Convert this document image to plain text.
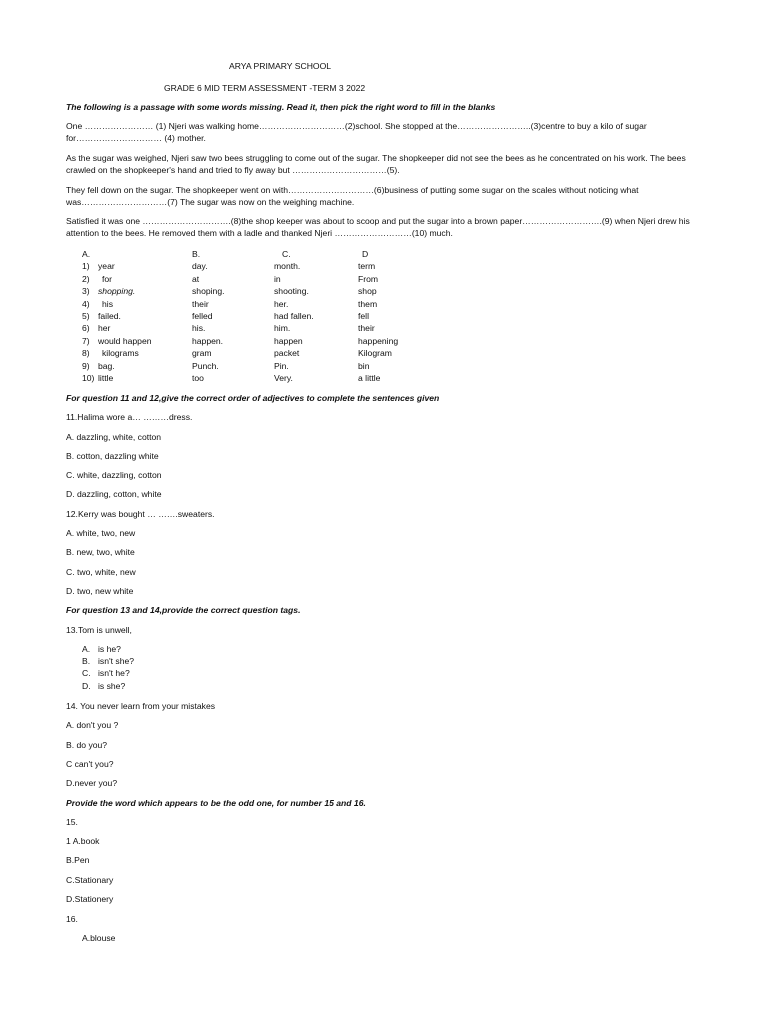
ARYA PRIMARY SCHOOL
GRADE 6 MID TERM ASSESSMENT -TERM 3 2022
The following is a passage with some words missing. Read it, then pick the right word to fill in the blanks
One …………………… (1) Njeri was walking home…………………………(2)school. She stopped at the……………………..(3)centre to buy a kilo of sugar for………………………… (4) mother.
As the sugar was weighed, Njeri saw two bees struggling to come out of the sugar. The shopkeeper did not see the bees as he concentrated on his work. The bees crawled on the shopkeeper's hand and tried to fly away but ……………………………(5).
They fell down on the sugar. The shopkeeper went on with…………………………(6)business of putting some sugar on the scales without noticing what was…………………………(7) The sugar was now on the weighing machine.
Satisfied it was one ………………………….(8)the shop keeper was about to scoop and put the sugar into a brown paper……………………….(9) when Njeri drew his attention to the bees. He removed them with a ladle and thanked Njeri ………………………(10) much.
A.	B.	C.	D
1) year	day.	month.	term
2) for	at	in	From
3) shopping.	shoping.	shooting.	shop
4) his	their	her.	them
5) failed.	felled	had fallen.	fell
6) her	his.	him.	their
7) would happen	happen.	happen	happening
8) kilograms	gram	packet	Kilogram
9) bag.	Punch.	Pin.	bin
10) little	too	Very.	a little
For question 11 and 12,give the correct order of adjectives to complete the sentences given
11.Halima wore a… ………dress.
A. dazzling, white, cotton
B. cotton, dazzling white
C. white, dazzling, cotton
D. dazzling, cotton, white
12.Kerry was bought … …….sweaters.
A. white, two, new
B. new, two, white
C. two, white, new
D. two, new white
For question 13 and 14,provide the correct question tags.
13.Tom is unwell,
A. is he?
B. isn't she?
C. isn't he?
D. is she?
14. You never learn from your mistakes
A. don't you ?
B. do you?
C can't you?
D.never you?
Provide the word which appears to be the odd one, for number 15 and 16.
15.
1 A.book
B.Pen
C.Stationary
D.Stationery
16.
A.blouse
